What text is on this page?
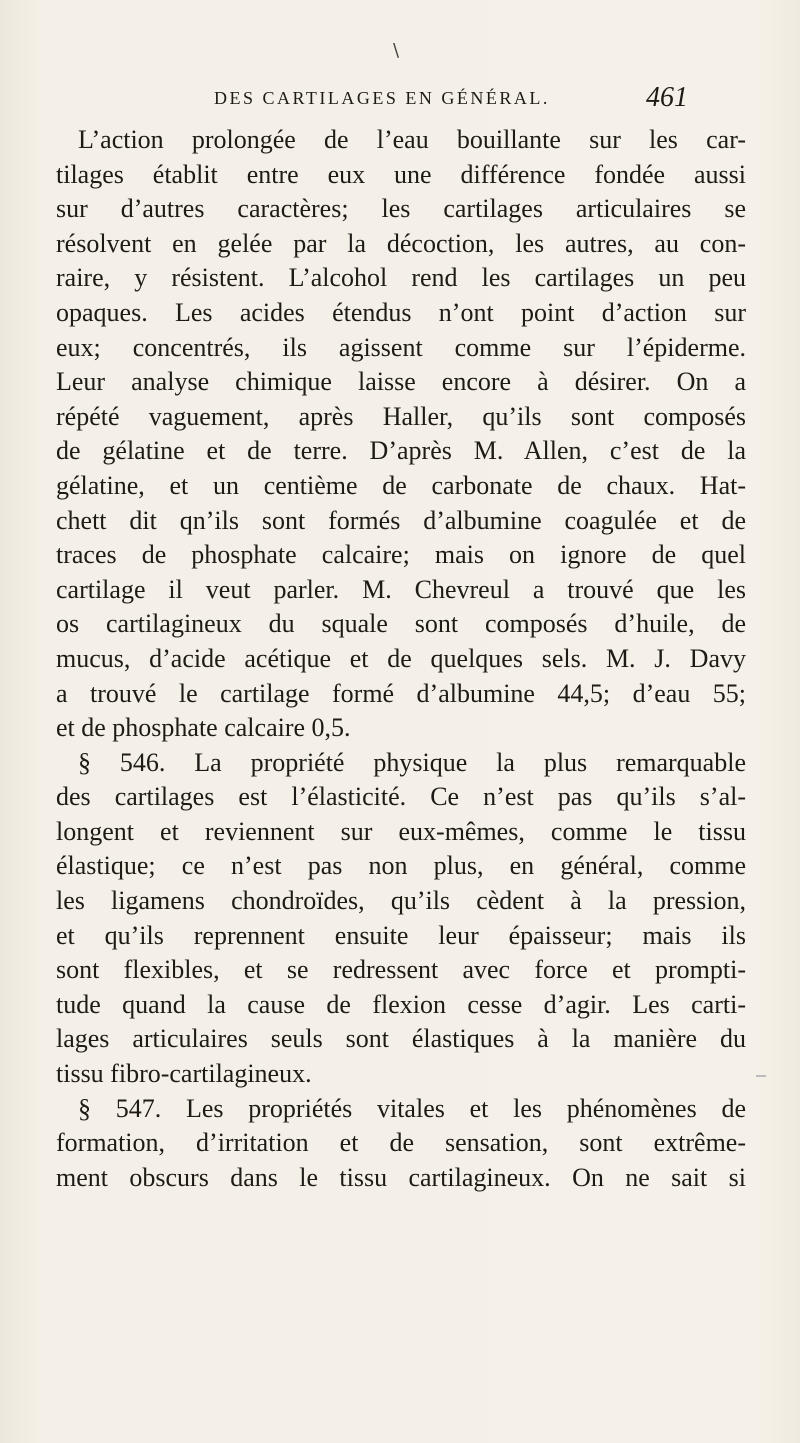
\
DES CARTILAGES EN GÉNÉRAL.	461

L’action prolongée de l’eau bouillante sur les car-
tilages établit entre eux une différence fondée aussi
sur d’autres caractères; les cartilages articulaires se
résolvent en gelée par la décoction, les autres, au con-
raire, y résistent. L’alcohol rend les cartilages un peu
opaques. Les acides étendus n’ont point d’action sur
eux; concentrés, ils agissent comme sur l’épiderme.
Leur analyse chimique laisse encore à désirer. On a
répété vaguement, après Haller, qu’ils sont composés
de gélatine et de terre. D’après M. Allen, c’est de la
gélatine, et un centième de carbonate de chaux. Hat-
chett dit qn’ils sont formés d’albumine coagulée et de
traces de phosphate calcaire; mais on ignore de quel
cartilage il veut parler. M. Chevreul a trouvé que les
os cartilagineux du squale sont composés d’huile, de
mucus, d’acide acétique et de quelques sels. M. J. Davy
a trouvé le cartilage formé d’albumine 44,5; d’eau 55;
et de phosphate calcaire 0,5.

§ 546. La propriété physique la plus remarquable
des cartilages est l’élasticité. Ce n’est pas qu’ils s’al-
longent et reviennent sur eux-mêmes, comme le tissu
élastique; ce n’est pas non plus, en général, comme
les ligamens chondroïdes, qu’ils cèdent à la pression,
et qu’ils reprennent ensuite leur épaisseur; mais ils
sont flexibles, et se redressent avec force et prompti-
tude quand la cause de flexion cesse d’agir. Les carti-
lages articulaires seuls sont élastiques à la manière du
tissu fibro-cartilagineux.

§ 547. Les propriétés vitales et les phénomènes de
formation, d’irritation et de sensation, sont extrême-
ment obscurs dans le tissu cartilagineux. On ne sait si
